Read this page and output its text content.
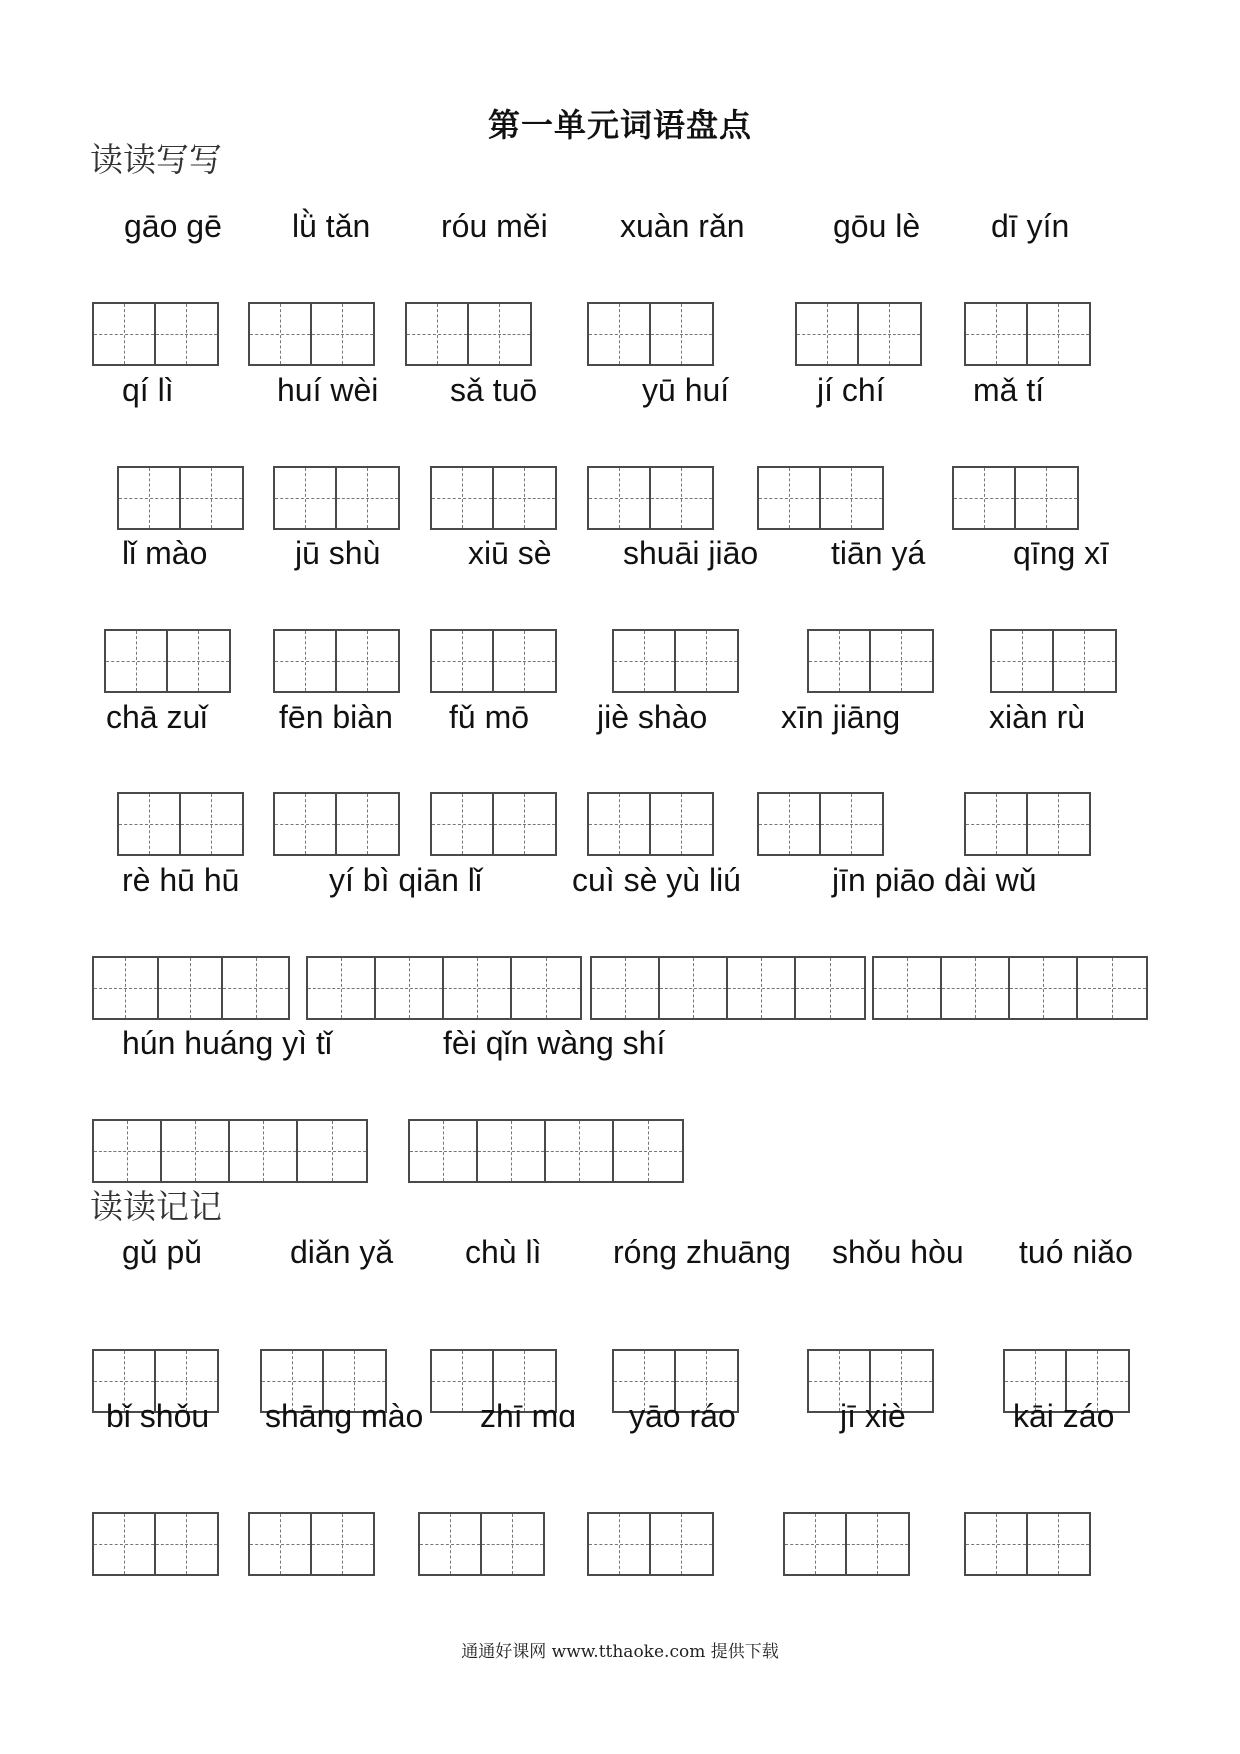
第一单元词语盘点
通通好课网 www.tthaoke.com 提供下载
读读写写
gāo gē lǜ tǎn róu měi xuàn rǎn	gōu lè dī yín
qí lì	huí wèi sǎ tuō	yū huí	jí chí	mǎ tí
lǐ mào	jū shù	xiū sè shuāi jiāo tiān yá	qīng xī
chā zuǐ fēn biàn fǔ mō jiè shào xīn jiāng	xiàn rù
rè hū hū	yí bì qiān lǐ	cuì sè yù liú	jīn piāo dài wǔ
hún huáng yì tǐ	fèi qǐn wàng shí
读读记记
gǔ pǔ	diǎn yǎ chù lì róng zhuāng shǒu hòu tuó niǎo
bǐ shǒu shāng mào zhī mɑ yāo ráo	jī xiè	kāi záo
